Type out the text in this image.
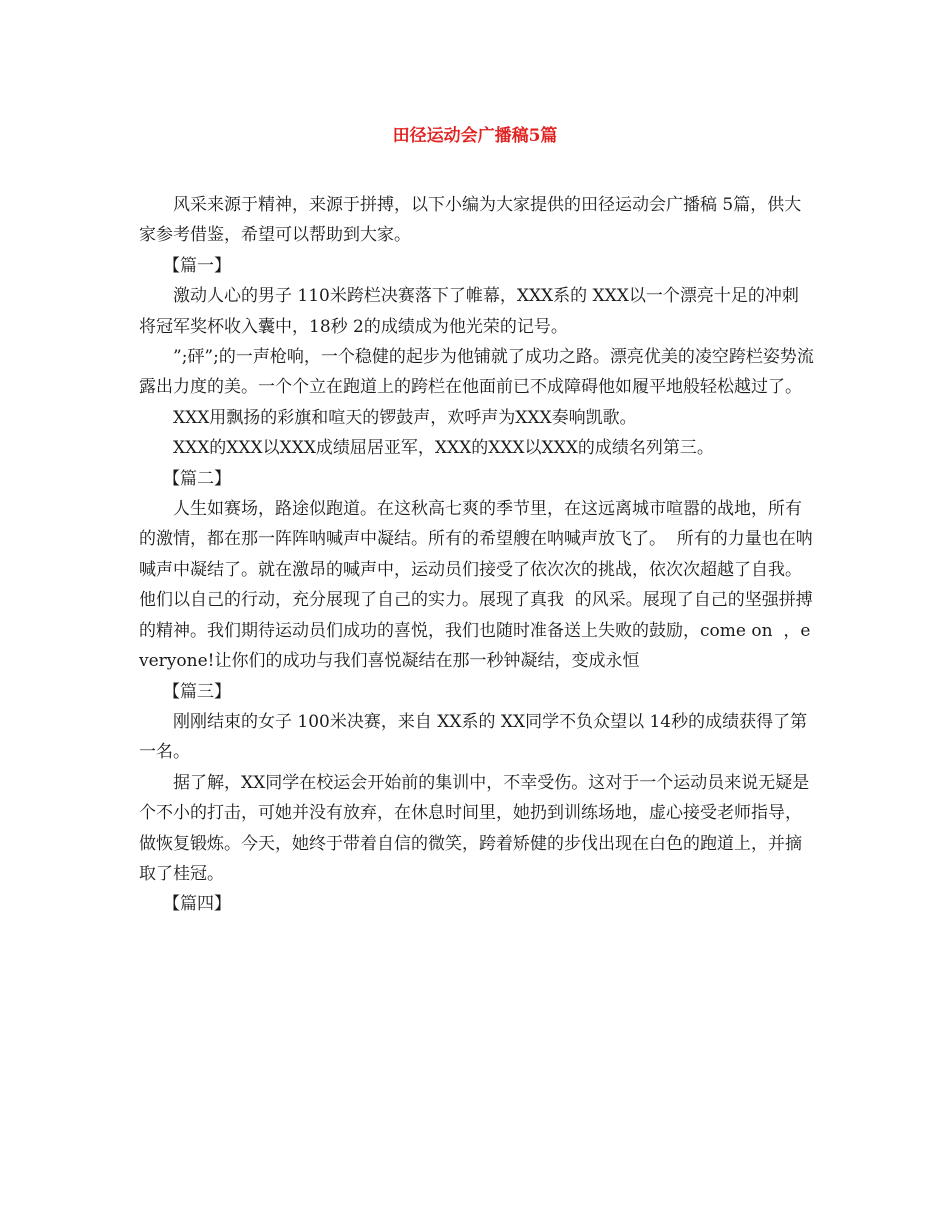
田径运动会广播稿5篇

风采来源于精神，来源于拼搏，以下小编为大家提供的田径运动会广播稿 5篇，供大家参考借鉴，希望可以帮助到大家。

【篇一】

激动人心的男子 110米跨栏决赛落下了帷幕，XXX系的 XXX以一个漂亮十足的冲刺将冠军奖杯收入囊中，18秒 2的成绩成为他光荣的记号。

”;砰”;的一声枪响，一个稳健的起步为他铺就了成功之路。漂亮优美的凌空跨栏姿势流露出力度的美。一个个立在跑道上的跨栏在他面前已不成障碍他如履平地般轻松越过了。

XXX用飘扬的彩旗和喧天的锣鼓声，欢呼声为XXX奏响凯歌。

XXX的XXX以XXX成绩屈居亚军，XXX的XXX以XXX的成绩名列第三。

【篇二】

人生如赛场，路途似跑道。在这秋高七爽的季节里，在这远离城市喧嚣的战地，所有的激情，都在那一阵阵呐喊声中凝结。所有的希望艘在呐喊声放飞了。  所有的力量也在呐喊声中凝结了。就在激昂的喊声中，运动员们接受了依次次的挑战，依次次超越了自我。他们以自己的行动，充分展现了自己的实力。展现了真我  的风采。展现了自己的坚强拼搏的精神。我们期待运动员们成功的喜悦，我们也随时准备送上失败的鼓励，come on  ，everyone!让你们的成功与我们喜悦凝结在那一秒钟凝结，变成永恒

【篇三】

刚刚结束的女子 100米决赛，来自 XX系的 XX同学不负众望以 14秒的成绩获得了第一名。

据了解，XX同学在校运会开始前的集训中，不幸受伤。这对于一个运动员来说无疑是个不小的打击，可她并没有放弃，在休息时间里，她扔到训练场地，虚心接受老师指导，做恢复锻炼。今天，她终于带着自信的微笑，跨着矫健的步伐出现在白色的跑道上，并摘取了桂冠。

【篇四】
